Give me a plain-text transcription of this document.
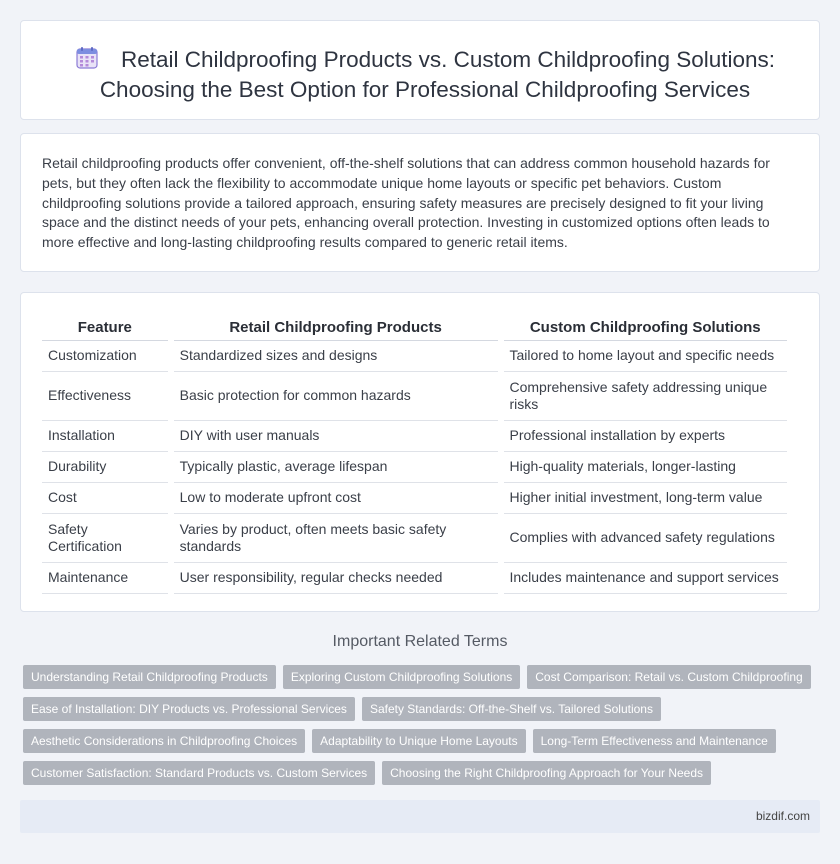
Retail Childproofing Products vs. Custom Childproofing Solutions: Choosing the Best Option for Professional Childproofing Services

Retail childproofing products offer convenient, off-the-shelf solutions that can address common household hazards for pets, but they often lack the flexibility to accommodate unique home layouts or specific pet behaviors. Custom childproofing solutions provide a tailored approach, ensuring safety measures are precisely designed to fit your living space and the distinct needs of your pets, enhancing overall protection. Investing in customized options often leads to more effective and long-lasting childproofing results compared to generic retail items.

Feature	Retail Childproofing Products	Custom Childproofing Solutions
Customization	Standardized sizes and designs	Tailored to home layout and specific needs
Effectiveness	Basic protection for common hazards	Comprehensive safety addressing unique risks
Installation	DIY with user manuals	Professional installation by experts
Durability	Typically plastic, average lifespan	High-quality materials, longer-lasting
Cost	Low to moderate upfront cost	Higher initial investment, long-term value
Safety Certification	Varies by product, often meets basic safety standards	Complies with advanced safety regulations
Maintenance	User responsibility, regular checks needed	Includes maintenance and support services
Important Related Terms
Understanding Retail Childproofing Products Exploring Custom Childproofing Solutions Cost Comparison: Retail vs. Custom Childproofing
Ease of Installation: DIY Products vs. Professional Services Safety Standards: Off-the-Shelf vs. Tailored Solutions
Aesthetic Considerations in Childproofing Choices Adaptability to Unique Home Layouts Long-Term Effectiveness and Maintenance
Customer Satisfaction: Standard Products vs. Custom Services Choosing the Right Childproofing Approach for Your Needs
bizdif.com
